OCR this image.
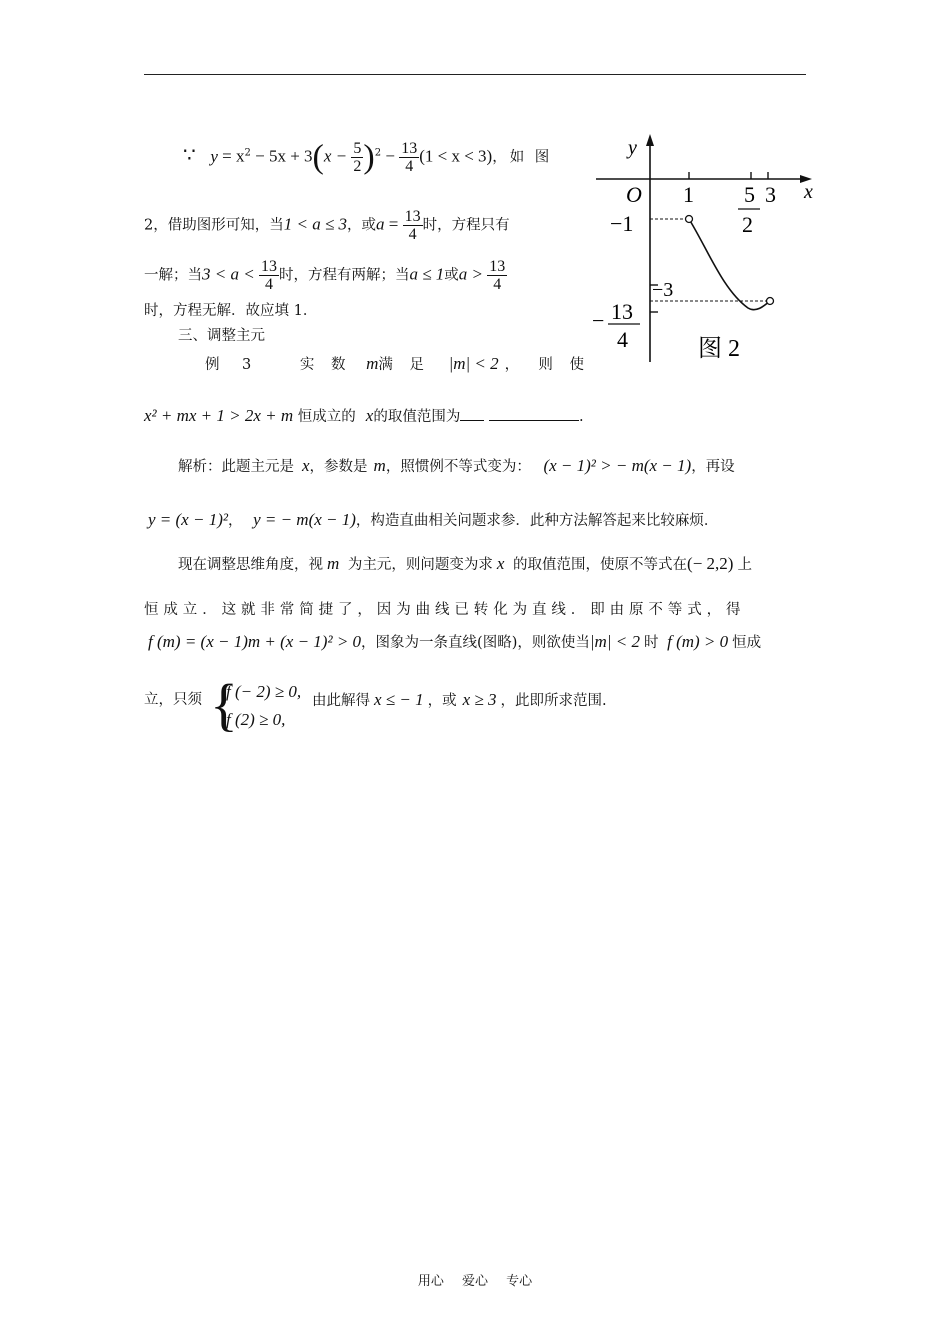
y
x
O 1 5
2
3
−1
−3
− 13
4	图 2
∵ $y = x^2 - 5x + 3(x - \frac{5}{2} )^2 - \frac{13}{4} (1 < x < 3)$，如 图
2，借助图形可知，当1 < a ≤ 3，或$a = \frac{13}{4}$ 时，方程只有
一解；当$3 < a < \frac{13}{4}$ 时，方程有两解；当a ≤ 1或$a > \frac{13}{4}$
时，方程无解．故应填 1．
三、调整主元
例　3	实 数 m满 足 |m| < 2 ，　则 使
x² + mx + 1 > 2x + m 恒成立的 x的取值范围为	.
解析：此题主元是 x，参数是 m，照惯例不等式变为： (x − 1)² > − m(x − 1)，再设
y = (x − 1)²， y = − m(x − 1)，构造直曲相关问题求参．此种方法解答起来比较麻烦．
现在调整思维角度，视 m 为主元，则问题变为求 x 的取值范围，使原不等式在(− 2,2) 上
恒成立．这就非常简捷了，因为曲线已转化为直线．即由原不等式，得
f (m) = (x − 1)m + (x − 1)² > 0，图象为一条直线(图略)，则欲使当|m| < 2 时 f (m) > 0 恒成
立，只须 {
f (− 2) ≥ 0,
f (2) ≥ 0,
由此解得 x ≤ − 1 ，或 x ≥ 3 ，此即所求范围.
用心 爱心 专心
